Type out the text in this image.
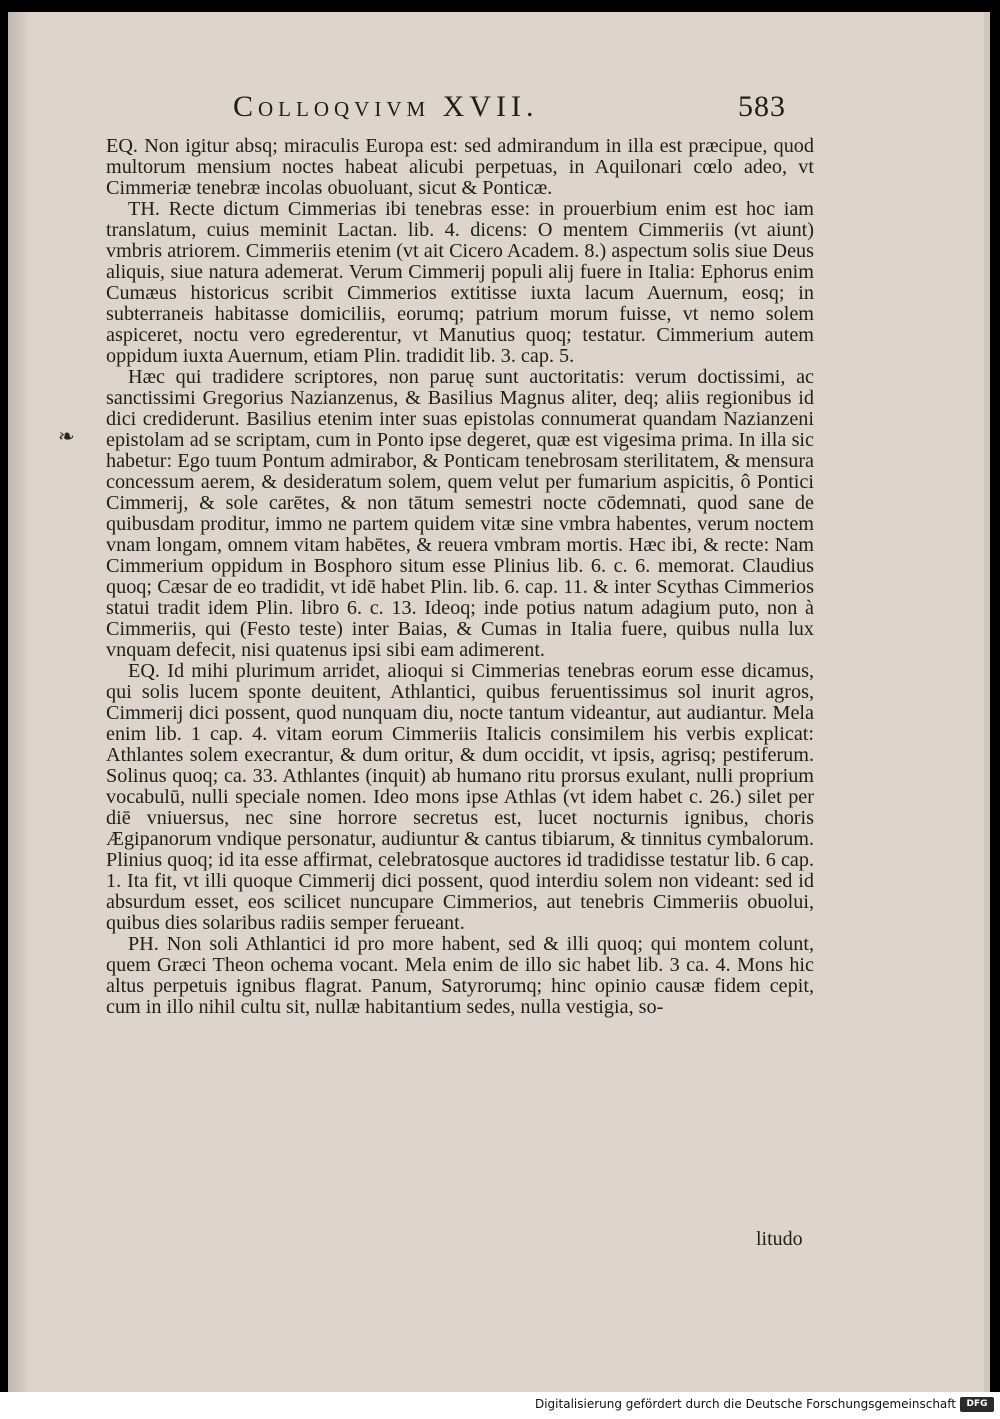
Colloqvivm XVII.	583

EQ. Non igitur absq; miraculis Europa est: sed admirandum in illa est præcipue, quod multorum mensium noctes habeat alicubi perpetuas, in Aquilonari cœlo adeo, vt Cimmeriæ tenebræ incolas obuoluant, sicut & Ponticæ.

TH. Recte dictum Cimmerias ibi tenebras esse: in prouerbium enim est hoc iam translatum, cuius meminit Lactan. lib. 4. dicens: O mentem Cimmeriis (vt aiunt) vmbris atriorem. Cimmeriis etenim (vt ait Cicero Academ. 8.) aspectum solis siue Deus aliquis, siue natura ademerat. Verum Cimmerij populi alij fuere in Italia: Ephorus enim Cumæus historicus scribit Cimmerios extitisse iuxta lacum Auernum, eosq; in subterraneis habitasse domiciliis, eorumq; patrium morum fuisse, vt nemo solem aspiceret, noctu vero egrederentur, vt Manutius quoq; testatur. Cimmerium autem oppidum iuxta Auernum, etiam Plin. tradidit lib. 3. cap. 5.

Hæc qui tradidere scriptores, non paruę sunt auctoritatis: verum doctissimi, ac sanctissimi Gregorius Nazianzenus, & Basilius Magnus aliter, deq; aliis regionibus id dici crediderunt. Basilius etenim inter suas epistolas connumerat quandam Nazianzeni epistolam ad se scriptam, cum in Ponto ipse degeret, quæ est vigesima prima. In illa sic habetur: Ego tuum Pontum admirabor, & Ponticam tenebrosam sterilitatem, & mensura concessum aerem, & desideratum solem, quem velut per fumarium aspicitis, ô Pontici Cimmerij, & sole carētes, & non tātum semestri nocte cōdemnati, quod sane de quibusdam proditur, immo ne partem quidem vitæ sine vmbra habentes, verum noctem vnam longam, omnem vitam habētes, & reuera vmbram mortis. Hæc ibi, & recte: Nam Cimmerium oppidum in Bosphoro situm esse Plinius lib. 6. c. 6. memorat. Claudius quoq; Cæsar de eo tradidit, vt idē habet Plin. lib. 6. cap. 11. & inter Scythas Cimmerios statui tradit idem Plin. libro 6. c. 13. Ideoq; inde potius natum adagium puto, non à Cimmeriis, qui (Festo teste) inter Baias, & Cumas in Italia fuere, quibus nulla lux vnquam defecit, nisi quatenus ipsi sibi eam adimerent.

EQ. Id mihi plurimum arridet, alioqui si Cimmerias tenebras eorum esse dicamus, qui solis lucem sponte deuitent, Athlantici, quibus feruentissimus sol inurit agros, Cimmerij dici possent, quod nunquam diu, nocte tantum videantur, aut audiantur. Mela enim lib. 1 cap. 4. vitam eorum Cimmeriis Italicis consimilem his verbis explicat: Athlantes solem execrantur, & dum oritur, & dum occidit, vt ipsis, agrisq; pestiferum. Solinus quoq; ca. 33. Athlantes (inquit) ab humano ritu prorsus exulant, nulli proprium vocabulū, nulli speciale nomen. Ideo mons ipse Athlas (vt idem habet c. 26.) silet per diē vniuersus, nec sine horrore secretus est, lucet nocturnis ignibus, choris Ægipanorum vndique personatur, audiuntur & cantus tibiarum, & tinnitus cymbalorum. Plinius quoq; id ita esse affirmat, celebratosque auctores id tradidisse testatur lib. 6 cap. 1. Ita fit, vt illi quoque Cimmerij dici possent, quod interdiu solem non videant: sed id absurdum esset, eos scilicet nuncupare Cimmerios, aut tenebris Cimmeriis obuolui, quibus dies solaribus radiis semper ferueant.

PH. Non soli Athlantici id pro more habent, sed & illi quoq; qui montem colunt, quem Græci Theon ochema vocant. Mela enim de illo sic habet lib. 3 ca. 4. Mons hic altus perpetuis ignibus flagrat. Panum, Satyrorumq; hinc opinio causæ fidem cepit, cum in illo nihil cultu sit, nullæ habitantium sedes, nulla vestigia, so-

❧
litudo
Digitalisierung gefördert durch die Deutsche Forschungsgemeinschaft	DFG
